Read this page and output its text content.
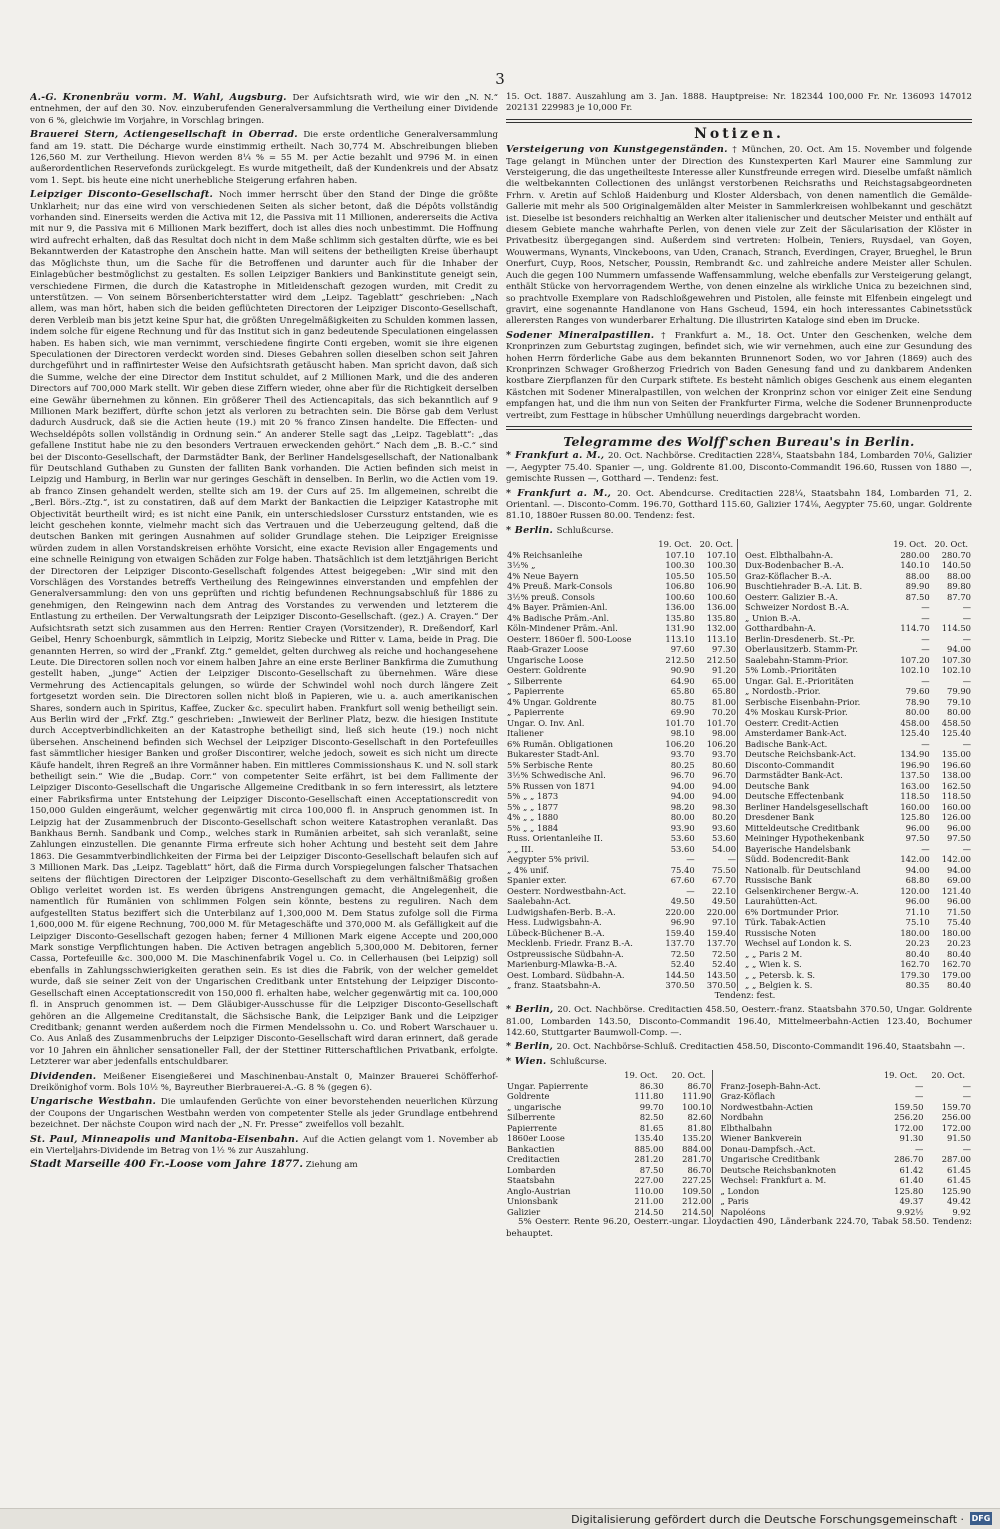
3

A.-G. Kronenbräu vorm. M. Wahl, Augsburg. Der Aufsichtsrath wird, wie wir den „N. N.“ entnehmen, der auf den 30. Nov. einzuberufenden Generalversammlung die Vertheilung einer Dividende von 6 %, gleichwie im Vorjahre, in Vorschlag bringen.

Brauerei Stern, Actiengesellschaft in Oberrad. Die erste ordentliche Generalversammlung fand am 19. statt. Die Décharge wurde einstimmig ertheilt. Nach 30,774 M. Abschreibungen blieben 126,560 M. zur Vertheilung. Hievon werden 8¼ % = 55 M. per Actie bezahlt und 9796 M. in einen außerordentlichen Reservefonds zurückgelegt. Es wurde mitgetheilt, daß der Kundenkreis und der Absatz vom 1. Sept. bis heute eine nicht unerhebliche Steigerung erfahren haben.

Leipziger Disconto-Gesellschaft. Noch immer herrscht über den Stand der Dinge die größte Unklarheit; nur das eine wird von verschiedenen Seiten als sicher betont, daß die Dépôts vollständig vorhanden sind. Einerseits werden die Activa mit 12, die Passiva mit 11 Millionen, andererseits die Activa mit nur 9, die Passiva mit 6 Millionen Mark beziffert, doch ist alles dies noch unbestimmt. Die Hoffnung wird aufrecht erhalten, daß das Resultat doch nicht in dem Maße schlimm sich gestalten dürfte, wie es bei Bekanntwerden der Katastrophe den Anschein hatte. Man will seitens der betheiligten Kreise überhaupt das Möglichste thun, um die Sache für die Betroffenen und darunter auch für die Inhaber der Einlagebücher bestmöglichst zu gestalten. Es sollen Leipziger Bankiers und Bankinstitute geneigt sein, verschiedene Firmen, die durch die Katastrophe in Mitleidenschaft gezogen wurden, mit Credit zu unterstützen. — Von seinem Börsenberichterstatter wird dem „Leipz. Tageblatt“ geschrieben: „Nach allem, was man hört, haben sich die beiden geflüchteten Directoren der Leipziger Disconto-Gesellschaft, deren Verbleib man bis jetzt keine Spur hat, die größten Unregelmäßigkeiten zu Schulden kommen lassen, indem solche für eigene Rechnung und für das Institut sich in ganz bedeutende Speculationen eingelassen haben. Es haben sich, wie man vernimmt, verschiedene fingirte Conti ergeben, womit sie ihre eigenen Speculationen der Directoren verdeckt worden sind. Dieses Gebahren sollen dieselben schon seit Jahren durchgeführt und in raffinirtester Weise den Aufsichtsrath getäuscht haben. Man spricht davon, daß sich die Summe, welche der eine Director dem Institut schuldet, auf 2 Millionen Mark, und die des anderen Directors auf 700,000 Mark stellt. Wir geben diese Ziffern wieder, ohne aber für die Richtigkeit derselben eine Gewähr übernehmen zu können. Ein größerer Theil des Actiencapitals, das sich bekanntlich auf 9 Millionen Mark beziffert, dürfte schon jetzt als verloren zu betrachten sein. Die Börse gab dem Verlust dadurch Ausdruck, daß sie die Actien heute (19.) mit 20 % franco Zinsen handelte. Die Effecten- und Wechseldépôts sollen vollständig in Ordnung sein.“ An anderer Stelle sagt das „Leipz. Tageblatt“: „das gefallene Institut habe nie zu den besonders Vertrauen erweckenden gehört.“ Nach dem „B. B.-C.“ sind bei der Disconto-Gesellschaft, der Darmstädter Bank, der Berliner Handelsgesellschaft, der Nationalbank für Deutschland Guthaben zu Gunsten der falliten Bank vorhanden. Die Actien befinden sich meist in Leipzig und Hamburg, in Berlin war nur geringes Geschäft in denselben. In Berlin, wo die Actien vom 19. ab franco Zinsen gehandelt werden, stellte sich am 19. der Curs auf 25. Im allgemeinen, schreibt die „Berl. Börs.-Ztg.“, ist zu constatiren, daß auf dem Markt der Bankactien die Leipziger Katastrophe mit Objectivität beurtheilt wird; es ist nicht eine Panik, ein unterschiedsloser Curssturz entstanden, wie es leicht geschehen konnte, vielmehr macht sich das Vertrauen und die Ueberzeugung geltend, daß die deutschen Banken mit geringen Ausnahmen auf solider Grundlage stehen. Die Leipziger Ereignisse würden zudem in allen Vorstandskreisen erhöhte Vorsicht, eine exacte Revision aller Engagements und eine schnelle Reinigung von etwaigen Schäden zur Folge haben. Thatsächlich ist dem letztjährigen Bericht der Directoren der Leipziger Disconto-Gesellschaft folgendes Attest beigegeben: „Wir sind mit den Vorschlägen des Vorstandes betreffs Vertheilung des Reingewinnes einverstanden und empfehlen der Generalversammlung: den von uns geprüften und richtig befundenen Rechnungsabschluß für 1886 zu genehmigen, den Reingewinn nach dem Antrag des Vorstandes zu verwenden und letzterem die Entlastung zu ertheilen. Der Verwaltungsrath der Leipziger Disconto-Gesellschaft. (gez.) A. Crayen.“ Der Aufsichtsrath setzt sich zusammen aus den Herren: Rentier Crayen (Vorsitzender), R. Dreßendorf, Karl Geibel, Henry Schoenburgk, sämmtlich in Leipzig, Moritz Siebecke und Ritter v. Lama, beide in Prag. Die genannten Herren, so wird der „Frankf. Ztg.“ gemeldet, gelten durchweg als reiche und hochangesehene Leute. Die Directoren sollen noch vor einem halben Jahre an eine erste Berliner Bankfirma die Zumuthung gestellt haben, „junge“ Actien der Leipziger Disconto-Gesellschaft zu übernehmen. Wäre diese Vermehrung des Actiencapitals gelungen, so würde der Schwindel wohl noch durch längere Zeit fortgesetzt worden sein. Die Directoren sollen nicht bloß in Papieren, wie u. a. auch amerikanischen Shares, sondern auch in Spiritus, Kaffee, Zucker &c. speculirt haben. Frankfurt soll wenig betheiligt sein. Aus Berlin wird der „Frkf. Ztg.“ geschrieben: „Inwieweit der Berliner Platz, bezw. die hiesigen Institute durch Acceptverbindlichkeiten an der Katastrophe betheiligt sind, ließ sich heute (19.) noch nicht übersehen. Anscheinend befinden sich Wechsel der Leipziger Disconto-Gesellschaft in den Portefeuilles fast sämmtlicher hiesiger Banken und großer Discontirer, welche jedoch, soweit es sich nicht um directe Käufe handelt, ihren Regreß an ihre Vormänner haben. Ein mittleres Commissionshaus K. und N. soll stark betheiligt sein.“ Wie die „Budap. Corr.“ von competenter Seite erfährt, ist bei dem Fallimente der Leipziger Disconto-Gesellschaft die Ungarische Allgemeine Creditbank in so fern interessirt, als letztere einer Fabriksfirma unter Entstehung der Leipziger Disconto-Gesellschaft einen Acceptationscredit von 150,000 Gulden eingeräumt, welcher gegenwärtig mit circa 100,000 fl. in Anspruch genommen ist. In Leipzig hat der Zusammenbruch der Disconto-Gesellschaft schon weitere Katastrophen veranlaßt. Das Bankhaus Bernh. Sandbank und Comp., welches stark in Rumänien arbeitet, sah sich veranlaßt, seine Zahlungen einzustellen. Die genannte Firma erfreute sich hoher Achtung und besteht seit dem Jahre 1863. Die Gesammtverbindlichkeiten der Firma bei der Leipziger Disconto-Gesellschaft belaufen sich auf 3 Millionen Mark. Das „Leipz. Tageblatt“ hört, daß die Firma durch Vorspiegelungen falscher Thatsachen seitens der flüchtigen Directoren der Leipziger Disconto-Gesellschaft zu dem verhältnißmäßig großen Obligo verleitet worden ist. Es werden übrigens Anstrengungen gemacht, die Angelegenheit, die namentlich für Rumänien von schlimmen Folgen sein könnte, bestens zu reguliren. Nach dem aufgestellten Status beziffert sich die Unterbilanz auf 1,300,000 M. Dem Status zufolge soll die Firma 1,600,000 M. für eigene Rechnung, 700,000 M. für Metageschäfte und 370,000 M. als Gefälligkeit auf die Leipziger Disconto-Gesellschaft gezogen haben; ferner 4 Millionen Mark eigene Accepte und 200,000 Mark sonstige Verpflichtungen haben. Die Activen betragen angeblich 5,300,000 M. Debitoren, ferner Cassa, Portefeuille &c. 300,000 M. Die Maschinenfabrik Vogel u. Co. in Cellerhausen (bei Leipzig) soll ebenfalls in Zahlungsschwierigkeiten gerathen sein. Es ist dies die Fabrik, von der welcher gemeldet wurde, daß sie seiner Zeit von der Ungarischen Creditbank unter Entstehung der Leipziger Disconto-Gesellschaft einen Acceptationscredit von 150,000 fl. erhalten habe, welcher gegenwärtig mit ca. 100,000 fl. in Anspruch genommen ist. — Dem Gläubiger-Ausschusse für die Leipziger Disconto-Gesellschaft gehören an die Allgemeine Creditanstalt, die Sächsische Bank, die Leipziger Bank und die Leipziger Creditbank; genannt werden außerdem noch die Firmen Mendelssohn u. Co. und Robert Warschauer u. Co. Aus Anlaß des Zusammenbruchs der Leipziger Disconto-Gesellschaft wird daran erinnert, daß gerade vor 10 Jahren ein ähnlicher sensationeller Fall, der der Stettiner Ritterschaftlichen Privatbank, erfolgte. Letzterer war aber jedenfalls entschuldbarer.

Dividenden. Meißener Eisengießerei und Maschinenbau-Anstalt 0, Mainzer Brauerei Schöfferhof-Dreikönighof vorm. Bols 10½ %, Bayreuther Bierbrauerei-A.-G. 8 % (gegen 6).

Ungarische Westbahn. Die umlaufenden Gerüchte von einer bevorstehenden neuerlichen Kürzung der Coupons der Ungarischen Westbahn werden von competenter Stelle als jeder Grundlage entbehrend bezeichnet. Der nächste Coupon wird nach der „N. Fr. Presse“ zweifellos voll bezahlt.

St. Paul, Minneapolis und Manitoba-Eisenbahn. Auf die Actien gelangt vom 1. November ab ein Vierteljahrs-Dividende im Betrag von 1½ % zur Auszahlung.

Stadt Marseille 400 Fr.-Loose vom Jahre 1877. Ziehung am

15. Oct. 1887. Auszahlung am 3. Jan. 1888. Hauptpreise: Nr. 182344 100,000 Fr. Nr. 136093 147012 202131 229983 je 10,000 Fr.

Notizen.

Versteigerung von Kunstgegenständen. † München, 20. Oct. Am 15. November und folgende Tage gelangt in München unter der Direction des Kunstexperten Karl Maurer eine Sammlung zur Versteigerung, die das ungetheilteste Interesse aller Kunstfreunde erregen wird. Dieselbe umfaßt nämlich die weltbekannten Collectionen des unlängst verstorbenen Reichsraths und Reichstagsabgeordneten Frhrn. v. Aretin auf Schloß Haidenburg und Kloster Aldersbach, von denen namentlich die Gemälde-Gallerie mit mehr als 500 Originalgemälden alter Meister in Sammlerkreisen wohlbekannt und geschätzt ist. Dieselbe ist besonders reichhaltig an Werken alter italienischer und deutscher Meister und enthält auf diesem Gebiete manche wahrhafte Perlen, von denen viele zur Zeit der Säcularisation der Klöster in Privatbesitz übergegangen sind. Außerdem sind vertreten: Holbein, Teniers, Ruysdael, van Goyen, Wouwermans, Wynants, Vinckeboons, van Uden, Cranach, Stranch, Everdingen, Crayer, Brueghel, le Brun Onerfurt, Cuyp, Roos, Netscher, Poussin, Rembrandt &c. und zahlreiche andere Meister aller Schulen. Auch die gegen 100 Nummern umfassende Waffensammlung, welche ebenfalls zur Versteigerung gelangt, enthält Stücke von hervorragendem Werthe, von denen einzelne als wirkliche Unica zu bezeichnen sind, so prachtvolle Exemplare von Radschloßgewehren und Pistolen, alle feinste mit Elfenbein eingelegt und gravirt, eine sogenannte Handlanone von Hans Gscheud, 1594, ein hoch interessantes Cabinetsstück allerersten Ranges von wunderbarer Erhaltung. Die illustrirten Kataloge sind eben im Drucke.

Sodener Mineralpastillen. † Frankfurt a. M., 18. Oct. Unter den Geschenken, welche dem Kronprinzen zum Geburtstag zugingen, befindet sich, wie wir vernehmen, auch eine zur Gesundung des hohen Herrn förderliche Gabe aus dem bekannten Brunnenort Soden, wo vor Jahren (1869) auch des Kronprinzen Schwager Großherzog Friedrich von Baden Genesung fand und zu dankbarem Andenken kostbare Zierpflanzen für den Curpark stiftete. Es besteht nämlich obiges Geschenk aus einem eleganten Kästchen mit Sodener Mineralpastillen, von welchen der Kronprinz schon vor einiger Zeit eine Sendung empfangen hat, und die ihm nun von Seiten der Frankfurter Firma, welche die Sodener Brunnenproducte vertreibt, zum Festtage in hübscher Umhüllung neuerdings dargebracht worden.

Telegramme des Wolff'schen Bureau's in Berlin.

* Frankfurt a. M., 20. Oct. Nachbörse. Creditactien 228¼, Staatsbahn 184, Lombarden 70⅛, Galizier —, Aegypter 75.40. Spanier —, ung. Goldrente 81.00, Disconto-Commandit 196.60, Russen von 1880 —, gemischte Russen —, Gotthard —. Tendenz: fest.

* Frankfurt a. M., 20. Oct. Abendcurse. Creditactien 228¼, Staatsbahn 184, Lombarden 71, 2. Orientanl. —. Disconto-Comm. 196.70, Gotthard 115.60, Galizier 174⅛, Aegypter 75.60, ungar. Goldrente 81.10, 1880er Russen 80.00. Tendenz: fest.

* Berlin. Schlußcurse.

	19. Oct.	20. Oct.			19. Oct.	20. Oct.
4% Reichsanleihe	107.10	107.10		Oest. Elbthalbahn-A.	280.00	280.70
3½% „	100.30	100.30		Dux-Bodenbacher B.-A.	140.10	140.50
4% Neue Bayern	105.50	105.50		Graz-Köflacher B.-A.	88.00	88.00
4% Preuß. Mark-Consols	106.80	106.90		Buschtiehrader B.-A. Lit. B.	89.90	89.80
3½% preuß. Consols	100.60	100.60		Oesterr. Galizier B.-A.	87.50	87.70
4% Bayer. Prämien-Anl.	136.00	136.00		Schweizer Nordost B.-A.	—	—
4% Badische Präm.-Anl.	135.80	135.80		„ Union B.-A.	—	—
Köln-Mindener Präm.-Anl.	131.90	132.00		Gotthardbahn-A.	114.70	114.50
Oesterr. 1860er fl. 500-Loose	113.10	113.10		Berlin-Dresdenerb. St.-Pr.	—	—
Raab-Grazer Loose	97.60	97.30		Oberlausitzerb. Stamm-Pr.	—	94.00
Ungarische Loose	212.50	212.50		Saalebahn-Stamm-Prior.	107.20	107.30
Oesterr. Goldrente	90.90	91.20		5% Lomb.-Prioritäten	102.10	102.10
„ Silberrente	64.90	65.00		Ungar. Gal. E.-Prioritäten	—	—
„ Papierrente	65.80	65.80		„ Nordostb.-Prior.	79.60	79.90
4% Ungar. Goldrente	80.75	81.00		Serbische Eisenbahn-Prior.	78.90	79.10
„ Papierrente	69.90	70.20		4% Moskau Kursk-Prior.	80.00	80.00
Ungar. O. Inv. Anl.	101.70	101.70		Oesterr. Credit-Actien	458.00	458.50
Italiener	98.10	98.00		Amsterdamer Bank-Act.	125.40	125.40
6% Rumän. Obligationen	106.20	106.20		Badische Bank-Act.	—	—
Bukarester Stadt-Anl.	93.70	93.70		Deutsche Reichsbank-Act.	134.90	135.00
5% Serbische Rente	80.25	80.60		Disconto-Commandit	196.90	196.60
3½% Schwedische Anl.	96.70	96.70		Darmstädter Bank-Act.	137.50	138.00
5% Russen von 1871	94.00	94.00		Deutsche Bank	163.00	162.50
5% „ „ 1873	94.00	94.00		Deutsche Effectenbank	118.50	118.50
5% „ „ 1877	98.20	98.30		Berliner Handelsgesellschaft	160.00	160.00
4% „ „ 1880	80.00	80.20		Dresdener Bank	125.80	126.00
5% „ „ 1884	93.90	93.60		Mitteldeutsche Creditbank	96.00	96.00
Russ. Orientanleihe II.	53.60	53.60		Meininger Hypothekenbank	97.50	97.50
„ „ III.	53.60	54.00		Bayerische Handelsbank	—	—
Aegypter 5% privil.	—	—		Südd. Bodencredit-Bank	142.00	142.00
„ 4% unif.	75.40	75.50		Nationalb. für Deutschland	94.00	94.00
Spanier exter.	67.60	67.70		Russische Bank	68.80	69.00
Oesterr. Nordwestbahn-Act.	—	22.10		Gelsenkirchener Bergw.-A.	120.00	121.40
Saalebahn-Act.	49.50	49.50		Laurahütten-Act.	96.00	96.00
Ludwigshafen-Berb. B.-A.	220.00	220.00		6% Dortmunder Prior.	71.10	71.50
Hess. Ludwigsbahn-A.	96.90	97.10		Türk. Tabak-Actien	75.10	75.40
Lübeck-Büchener B.-A.	159.40	159.40		Russische Noten	180.00	180.00
Mecklenb. Friedr. Franz B.-A.	137.70	137.70		Wechsel auf London k. S.	20.23	20.23
Ostpreussische Südbahn-A.	72.50	72.50		„ „ Paris 2 M.	80.40	80.40
Marienburg-Mlawka-B.-A.	52.40	52.40		„ „ Wien k. S.	162.70	162.70
Oest. Lombard. Südbahn-A.	144.50	143.50		„ „ Petersb. k. S.	179.30	179.00
„ franz. Staatsbahn-A.	370.50	370.50		„ „ Belgien k. S.	80.35	80.40

Tendenz: fest.

* Berlin, 20. Oct. Nachbörse. Creditactien 458.50, Oesterr.-franz. Staatsbahn 370.50, Ungar. Goldrente 81.00, Lombarden 143.50, Disconto-Commandit 196.40, Mittelmeerbahn-Actien 123.40, Bochumer 142.60, Stuttgarter Baumwoll-Comp. —.

* Berlin, 20. Oct. Nachbörse-Schluß. Creditactien 458.50, Disconto-Commandit 196.40, Staatsbahn —.

* Wien. Schlußcurse.

	19. Oct.	20. Oct.			19. Oct.	20. Oct.
Ungar. Papierrente	86.30	86.70		Franz-Joseph-Bahn-Act.	—	—
Goldrente	111.80	111.90		Graz-Köflach	—	—
„ ungarische	99.70	100.10		Nordwestbahn-Actien	159.50	159.70
Silberrente	82.50	82.60		Nordbahn	256.20	256.00
Papierrente	81.65	81.80		Elbthalbahn	172.00	172.00
1860er Loose	135.40	135.20		Wiener Bankverein	91.30	91.50
Bankactien	885.00	884.00		Donau-Dampfsch.-Act.	—	—
Creditactien	281.20	281.70		Ungarische Creditbank	286.70	287.00
Lombarden	87.50	86.70		Deutsche Reichsbanknoten	61.42	61.45
Staatsbahn	227.00	227.25		Wechsel: Frankfurt a. M.	61.40	61.45
Anglo-Austrian	110.00	109.50		„ London	125.80	125.90
Unionsbank	211.00	212.00		„ Paris	49.37	49.42
Galizier	214.50	214.50		Napoléons	9.92½	9.92

5% Oesterr. Rente 96.20, Oesterr.-ungar. Lloydactien 490, Länderbank 224.70, Tabak 58.50. Tendenz: behauptet.

Digitalisierung gefördert durch die Deutsche Forschungsgemeinschaft · DFG
